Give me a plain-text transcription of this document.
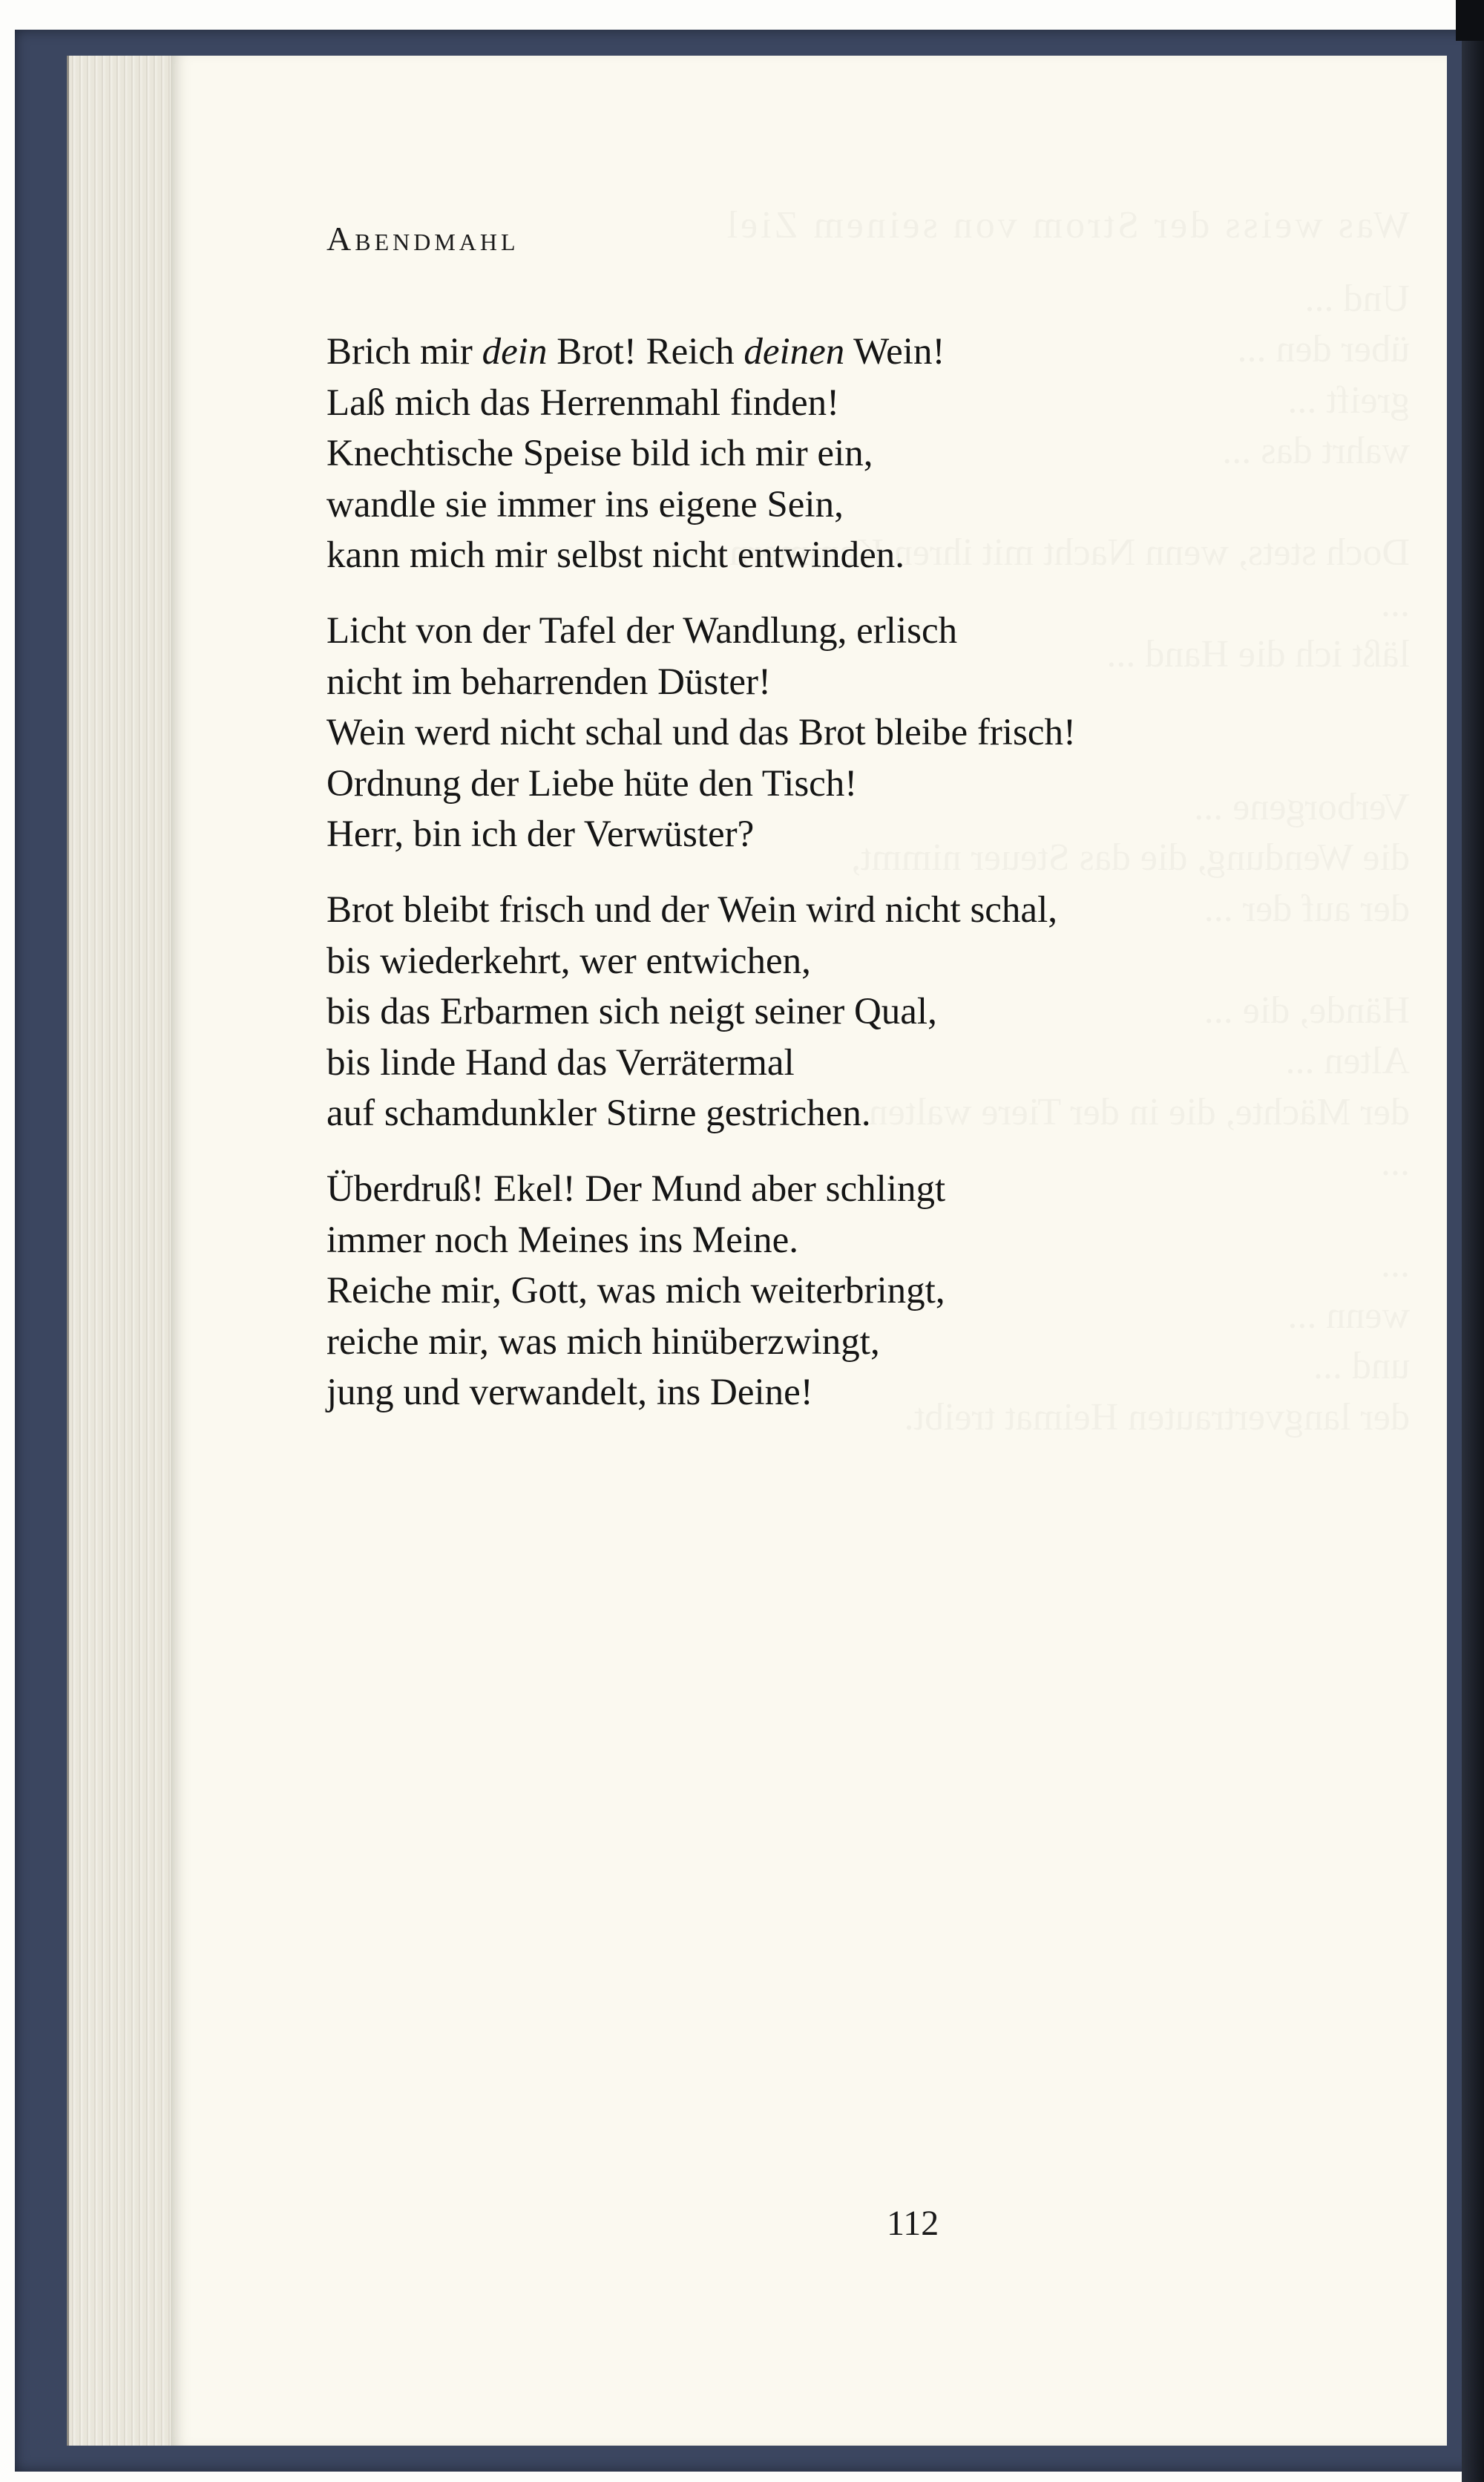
Was weiss der Strom von seinem Ziel
Und ...
über den ...
greift ...
wahrt das ...
Doch stets, wenn Nacht mit ihren Kammern
...
läßt ich die Hand ...
Verborgene ...
die Wendung, die das Steuer nimmt,
der auf der ...
Hände, die ...
Alten ...
der Mächte, die in der Tiere walten.
...
...
wenn ...
und ...
der langvertrauten Heimat treibt.
Abendmahl
Brich mir dein Brot! Reich deinen Wein!
Laß mich das Herrenmahl finden!
Knechtische Speise bild ich mir ein,
wandle sie immer ins eigene Sein,
kann mich mir selbst nicht entwinden.
Licht von der Tafel der Wandlung, erlisch
nicht im beharrenden Düster!
Wein werd nicht schal und das Brot bleibe frisch!
Ordnung der Liebe hüte den Tisch!
Herr, bin ich der Verwüster?
Brot bleibt frisch und der Wein wird nicht schal,
bis wiederkehrt, wer entwichen,
bis das Erbarmen sich neigt seiner Qual,
bis linde Hand das Verrätermal
auf schamdunkler Stirne gestrichen.
Überdruß! Ekel! Der Mund aber schlingt
immer noch Meines ins Meine.
Reiche mir, Gott, was mich weiterbringt,
reiche mir, was mich hinüberzwingt,
jung und verwandelt, ins Deine!
112
